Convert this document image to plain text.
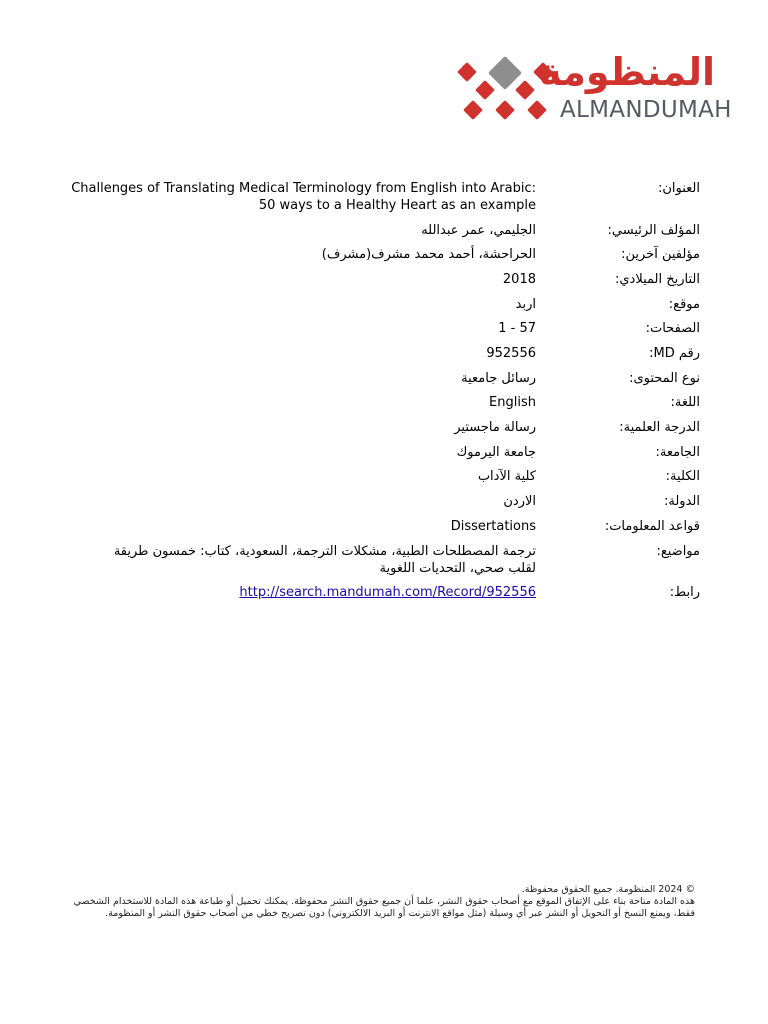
المنظومة
ALMANDUMAH
العنوان:
Challenges of Translating Medical Terminology from English into Arabic:
50 ways to a Healthy Heart as an example
المؤلف الرئيسي:
الجليمي، عمر عبدالله
مؤلفين آخرين:
الحراحشة، أحمد محمد مشرف(مشرف)
التاريخ الميلادي:
2018
موقع:
اربد
الصفحات:
1 - 57
رقم MD:
952556
نوع المحتوى:
رسائل جامعية
اللغة:
English
الدرجة العلمية:
رسالة ماجستير
الجامعة:
جامعة اليرموك
الكلية:
كلية الآداب
الدولة:
الاردن
قواعد المعلومات:
Dissertations
مواضيع:
ترجمة المصطلحات الطبية، مشكلات الترجمة، السعودية، كتاب: خمسون طريقة
لقلب صحي، التحديات اللغوية
رابط:
http://search.mandumah.com/Record/952556

© 2024 المنظومة. جميع الحقوق محفوظة.

هذه المادة متاحة بناء على الإتفاق الموقع مع أصحاب حقوق النشر، علما أن جميع حقوق النشر محفوظة. يمكنك تحميل أو طباعة هذه المادة للاستخدام الشخصي فقط، ويمنع النسخ أو التحويل أو النشر عبر أي وسيلة (مثل مواقع الانترنت أو البريد الالكتروني) دون تصريح خطي من أصحاب حقوق النشر أو المنظومة.
